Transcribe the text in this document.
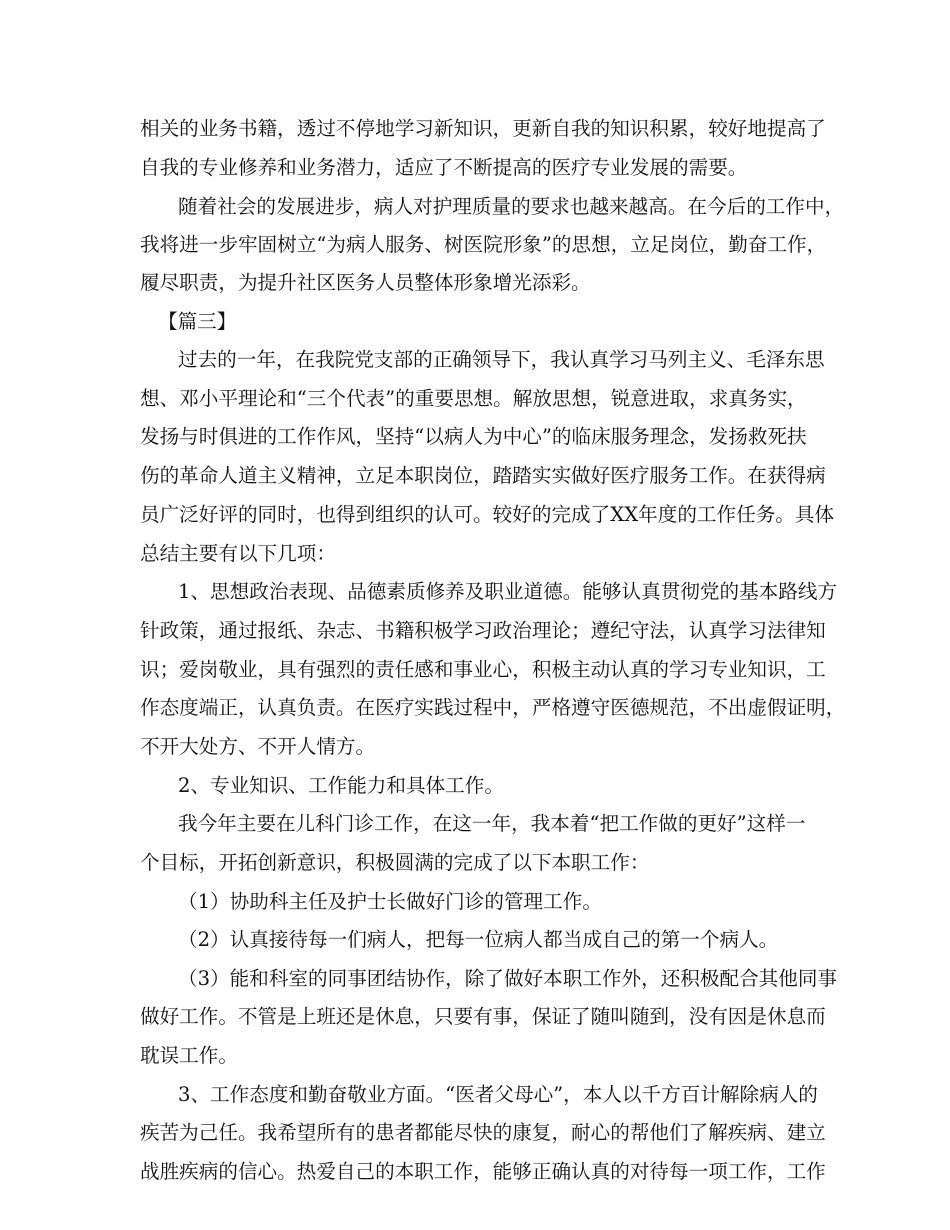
相关的业务书籍，透过不停地学习新知识，更新自我的知识积累，较好地提高了

自我的专业修养和业务潜力，适应了不断提高的医疗专业发展的需要。

随着社会的发展进步，病人对护理质量的要求也越来越高。在今后的工作中，

我将进一步牢固树立“为病人服务、树医院形象”的思想，立足岗位，勤奋工作，

履尽职责，为提升社区医务人员整体形象增光添彩。

【篇三】

过去的一年，在我院党支部的正确领导下，我认真学习马列主义、毛泽东思

想、邓小平理论和“三个代表”的重要思想。解放思想，锐意进取，求真务实，

发扬与时俱进的工作作风，坚持“以病人为中心”的临床服务理念，发扬救死扶

伤的革命人道主义精神，立足本职岗位，踏踏实实做好医疗服务工作。在获得病

员广泛好评的同时，也得到组织的认可。较好的完成了XX年度的工作任务。具体

总结主要有以下几项：

1、思想政治表现、品德素质修养及职业道德。能够认真贯彻党的基本路线方

针政策，通过报纸、杂志、书籍积极学习政治理论；遵纪守法，认真学习法律知

识；爱岗敬业，具有强烈的责任感和事业心，积极主动认真的学习专业知识，工

作态度端正，认真负责。在医疗实践过程中，严格遵守医德规范，不出虚假证明，

不开大处方、不开人情方。

2、专业知识、工作能力和具体工作。

我今年主要在儿科门诊工作，在这一年，我本着“把工作做的更好”这样一

个目标，开拓创新意识，积极圆满的完成了以下本职工作：

（1）协助科主任及护士长做好门诊的管理工作。

（2）认真接待每一们病人，把每一位病人都当成自己的第一个病人。

（3）能和科室的同事团结协作，除了做好本职工作外，还积极配合其他同事

做好工作。不管是上班还是休息，只要有事，保证了随叫随到，没有因是休息而

耽误工作。

3、工作态度和勤奋敬业方面。“医者父母心”，本人以千方百计解除病人的

疾苦为己任。我希望所有的患者都能尽快的康复，耐心的帮他们了解疾病、建立

战胜疾病的信心。热爱自己的本职工作，能够正确认真的对待每一项工作，工作
